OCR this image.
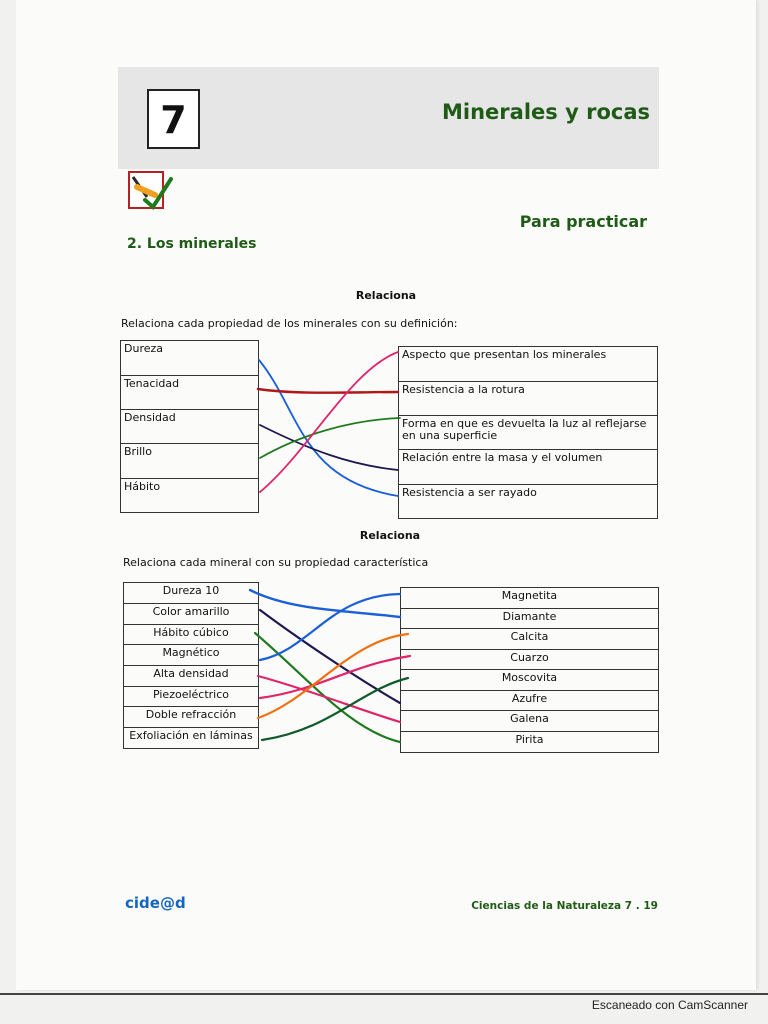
7	Minerales y rocas
Para practicar
2. Los minerales
Relaciona
Relaciona cada propiedad de los minerales con su definición:
Dureza
Tenacidad
Densidad
Brillo
Hábito
Aspecto que presentan los minerales
Resistencia a la rotura
Forma en que es devuelta la luz al reflejarse en una superficie
Relación entre la masa y el volumen
Resistencia a ser rayado
Relaciona
Relaciona cada mineral con su propiedad característica
Dureza 10
Color amarillo
Hábito cúbico
Magnético
Alta densidad
Piezoeléctrico
Doble refracción
Exfoliación en láminas
Magnetita
Diamante
Calcita
Cuarzo
Moscovita
Azufre
Galena
Pirita
cide@d	Ciencias de la Naturaleza 7 . 19
Escaneado con CamScanner
